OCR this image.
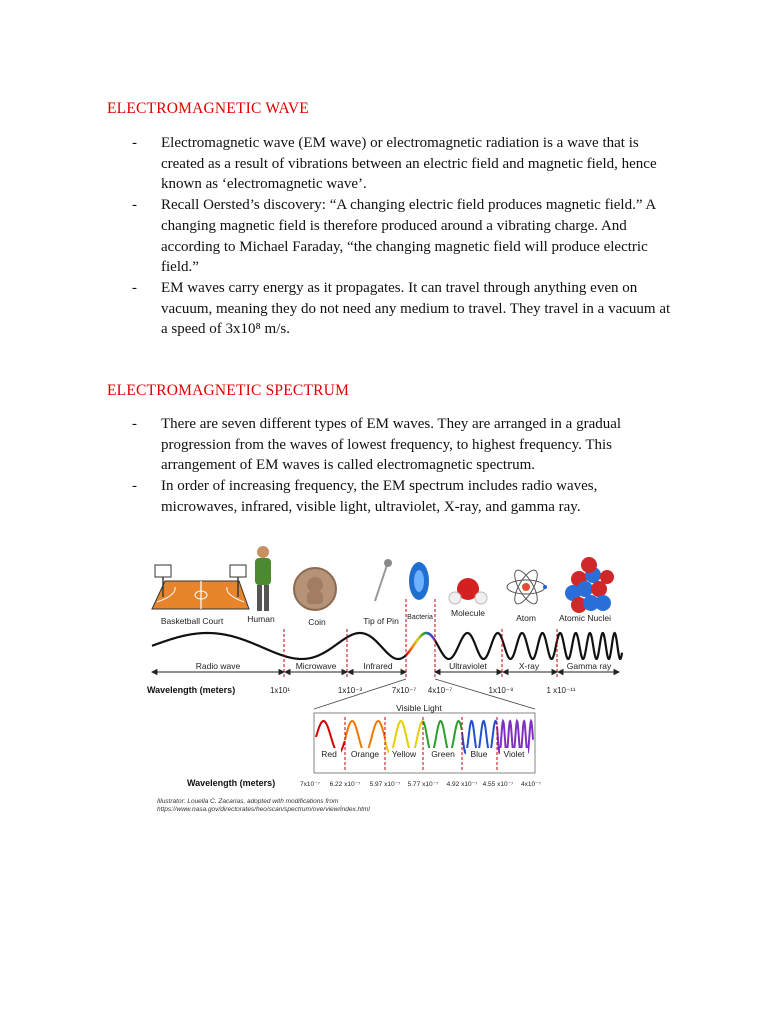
ELECTROMAGNETIC WAVE
- Electromagnetic wave (EM wave) or electromagnetic radiation is a wave that is created as a result of vibrations between an electric field and magnetic field, hence known as ‘electromagnetic wave’.
- Recall Oersted’s discovery: “A changing electric field produces magnetic field.” A changing magnetic field is therefore produced around a vibrating charge. And according to Michael Faraday, “the changing magnetic field will produce electric field.”
- EM waves carry energy as it propagates. It can travel through anything even on vacuum, meaning they do not need any medium to travel. They travel in a vacuum at a speed of 3x10⁸ m/s.
ELECTROMAGNETIC SPECTRUM
- There are seven different types of EM waves. They are arranged in a gradual progression from the waves of lowest frequency, to highest frequency. This arrangement of EM waves is called electromagnetic spectrum.
- In order of increasing frequency, the EM spectrum includes radio waves, microwaves, infrared, visible light, ultraviolet, X-ray, and gamma ray.
Basketball Court	Human	Coin	Tip of Pin Bacteria Molecule	Atom	Atomic Nuclei
Radio wave	Microwave	Infrared	Ultraviolet	X-ray	Gamma ray
Wavelength (meters)	1x10¹	1x10⁻³	7x10⁻⁷ 4x10⁻⁷	1x10⁻⁸	1 x10⁻¹¹
Visible Light
Red Orange Yellow Green Blue Violet
Wavelength (meters)	7x10⁻⁷ 6.22 x10⁻⁷ 5.97 x10⁻⁷ 5.77 x10⁻⁷ 4.92 x10⁻⁷ 4.55 x10⁻⁷ 4x10⁻⁷
Illustrator: Louella C. Zacarias, adopted with modifications from
https://www.nasa.gov/directorates/heo/scan/spectrum/overview/index.html
